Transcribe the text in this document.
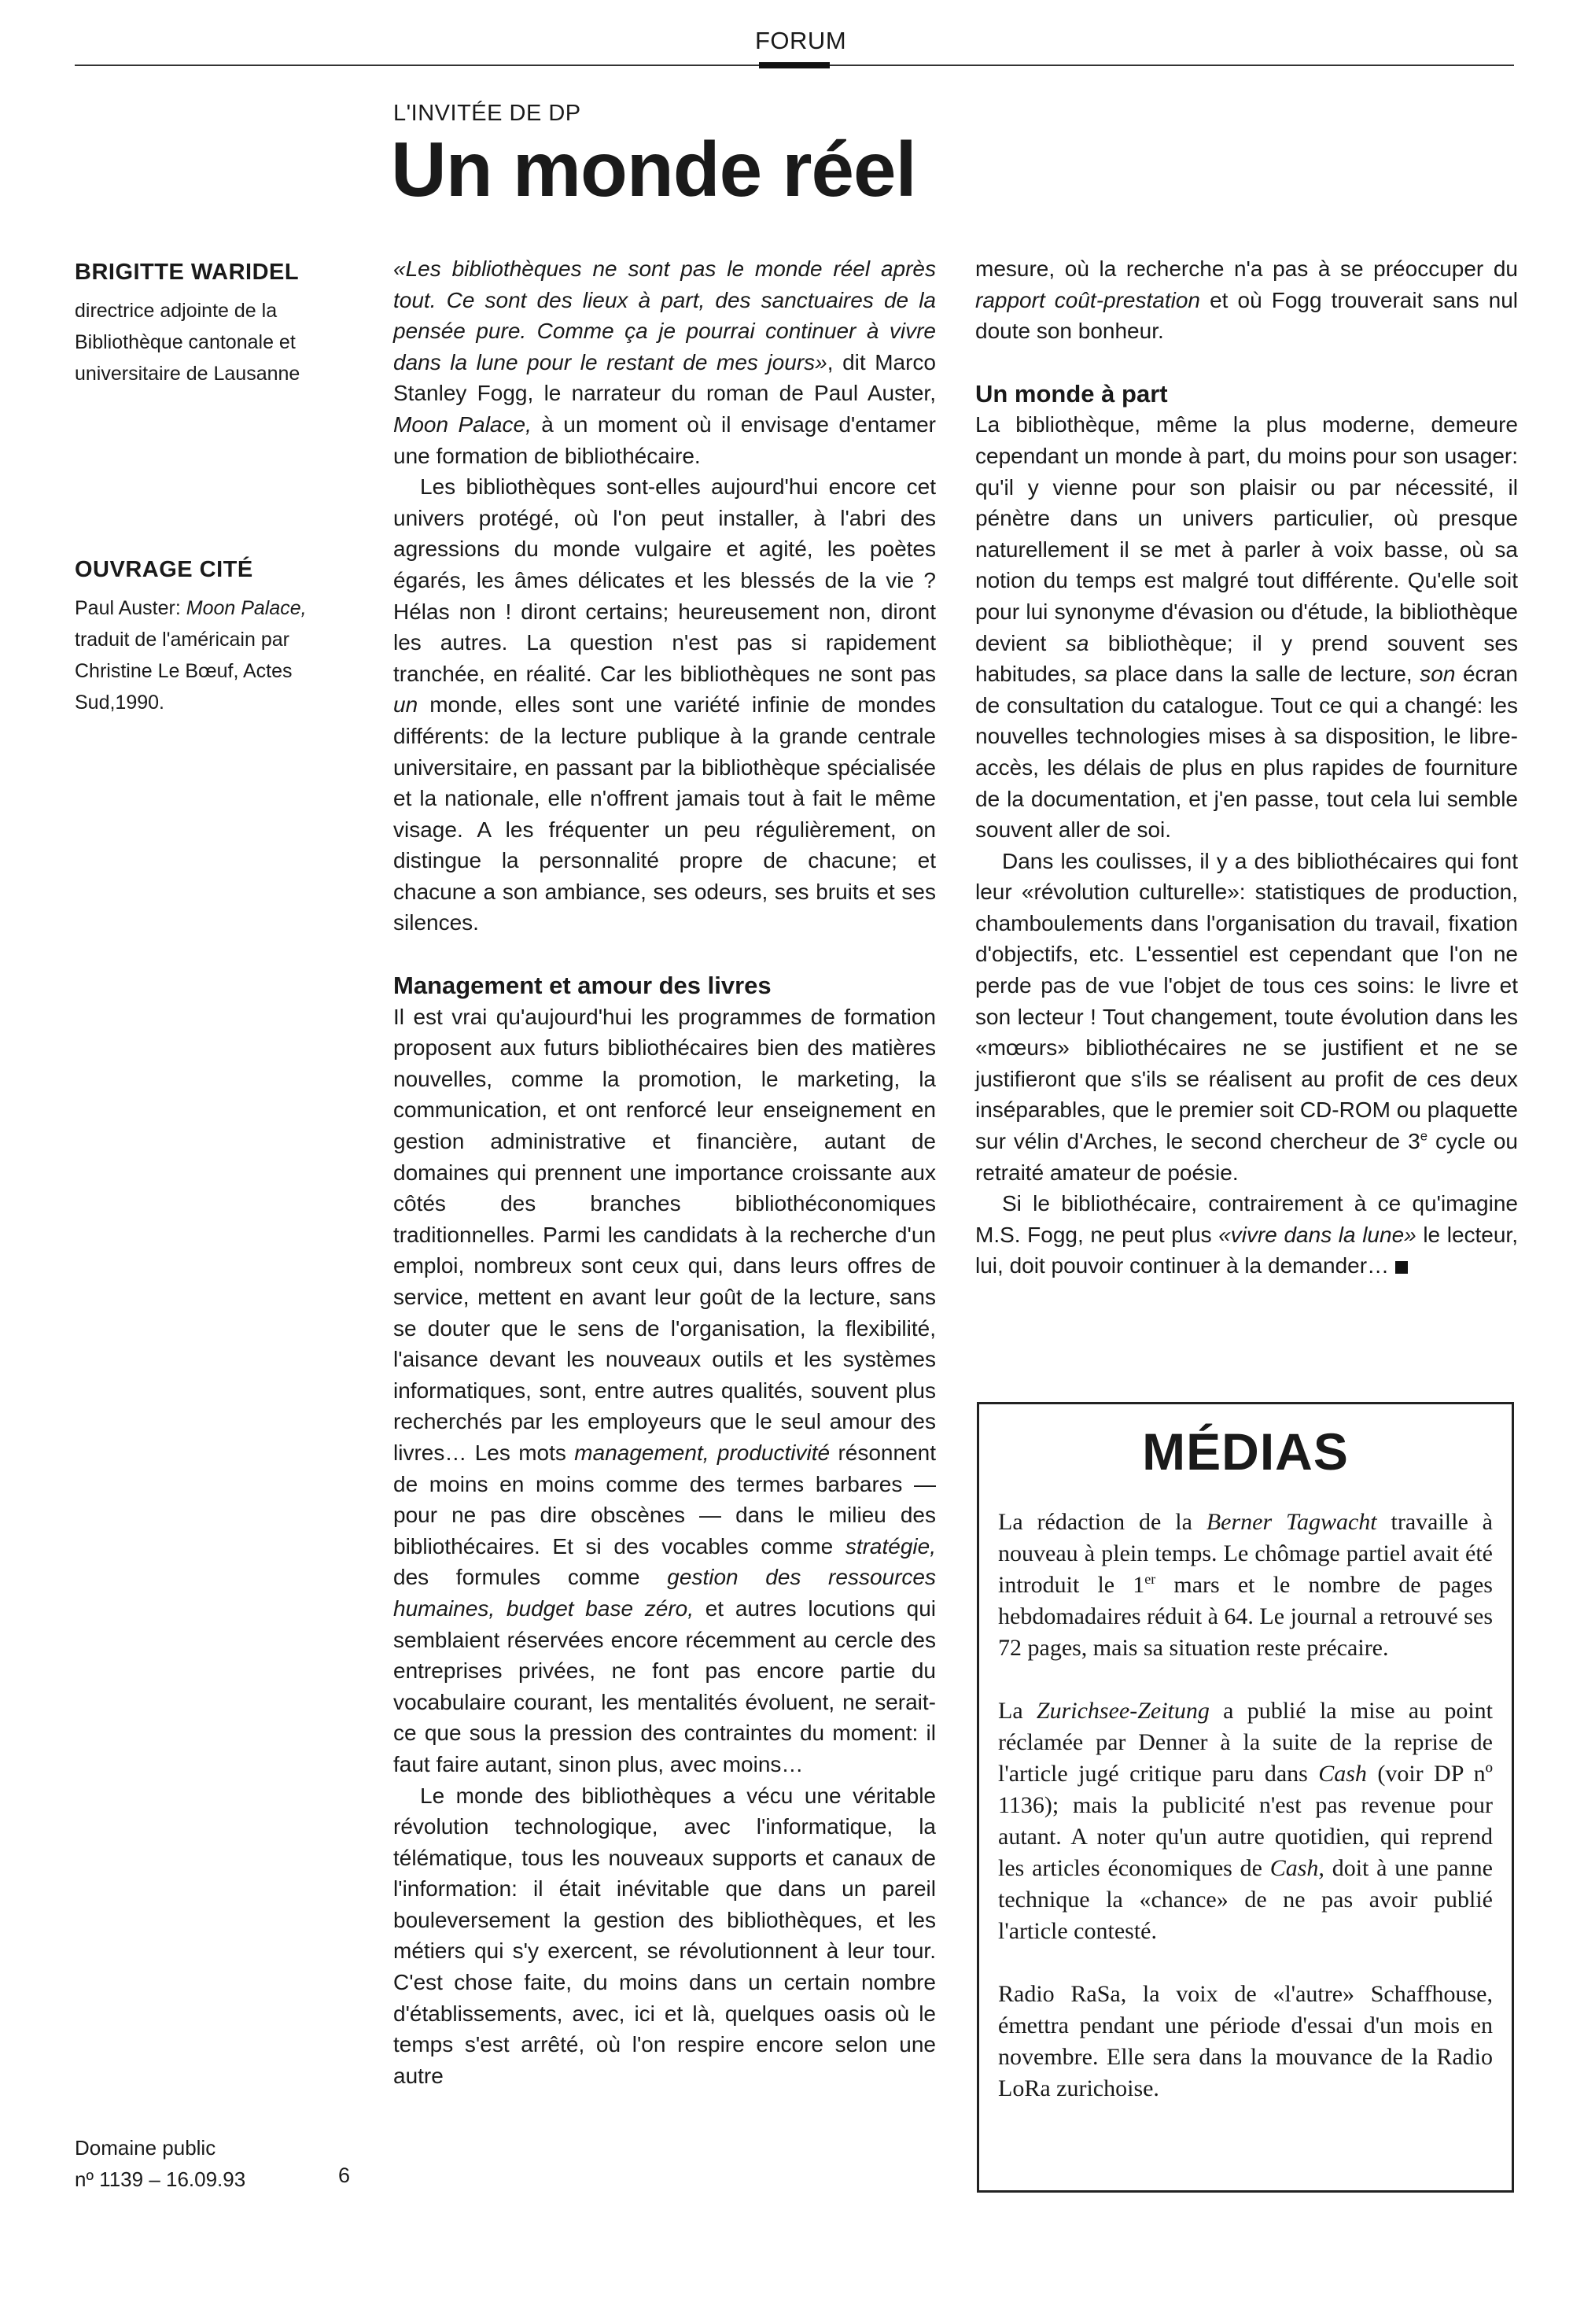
FORUM
L'INVITÉE DE DP
Un monde réel

BRIGITTE WARIDEL

directrice adjointe de la Bibliothèque cantonale et universitaire de Lausanne

OUVRAGE CITÉ

Paul Auster: Moon Palace, traduit de l'américain par Christine Le Bœuf, Actes Sud,1990.

«Les bibliothèques ne sont pas le monde réel après tout. Ce sont des lieux à part, des sanctuaires de la pensée pure. Comme ça je pourrai continuer à vivre dans la lune pour le restant de mes jours», dit Marco Stanley Fogg, le narrateur du roman de Paul Auster, Moon Palace, à un moment où il envisage d'entamer une formation de bibliothécaire.

Les bibliothèques sont-elles aujourd'hui encore cet univers protégé, où l'on peut installer, à l'abri des agressions du monde vulgaire et agité, les poètes égarés, les âmes délicates et les blessés de la vie ? Hélas non ! diront certains; heureusement non, diront les autres. La question n'est pas si rapidement tranchée, en réalité. Car les bibliothèques ne sont pas un monde, elles sont une variété infinie de mondes différents: de la lecture publique à la grande centrale universitaire, en passant par la bibliothèque spécialisée et la nationale, elle n'offrent jamais tout à fait le même visage. A les fréquenter un peu régulièrement, on distingue la personnalité propre de chacune; et chacune a son ambiance, ses odeurs, ses bruits et ses silences.

Management et amour des livres

Il est vrai qu'aujourd'hui les programmes de formation proposent aux futurs bibliothécaires bien des matières nouvelles, comme la promotion, le marketing, la communication, et ont renforcé leur enseignement en gestion administrative et financière, autant de domaines qui prennent une importance croissante aux côtés des branches bibliothéconomiques traditionnelles. Parmi les candidats à la recherche d'un emploi, nombreux sont ceux qui, dans leurs offres de service, mettent en avant leur goût de la lecture, sans se douter que le sens de l'organisation, la flexibilité, l'aisance devant les nouveaux outils et les systèmes informatiques, sont, entre autres qualités, souvent plus recherchés par les employeurs que le seul amour des livres… Les mots management, productivité résonnent de moins en moins comme des termes barbares — pour ne pas dire obscènes — dans le milieu des bibliothécaires. Et si des vocables comme stratégie, des formules comme gestion des ressources humaines, budget base zéro, et autres locutions qui semblaient réservées encore récemment au cercle des entreprises privées, ne font pas encore partie du vocabulaire courant, les mentalités évoluent, ne serait-ce que sous la pression des contraintes du moment: il faut faire autant, sinon plus, avec moins…

Le monde des bibliothèques a vécu une véritable révolution technologique, avec l'informatique, la télématique, tous les nouveaux supports et canaux de l'information: il était inévitable que dans un pareil bouleversement la gestion des bibliothèques, et les métiers qui s'y exercent, se révolutionnent à leur tour. C'est chose faite, du moins dans un certain nombre d'établissements, avec, ici et là, quelques oasis où le temps s'est arrêté, où l'on respire encore selon une autre

mesure, où la recherche n'a pas à se préoccuper du rapport coût-prestation et où Fogg trouverait sans nul doute son bonheur.

Un monde à part

La bibliothèque, même la plus moderne, demeure cependant un monde à part, du moins pour son usager: qu'il y vienne pour son plaisir ou par nécessité, il pénètre dans un univers particulier, où presque naturellement il se met à parler à voix basse, où sa notion du temps est malgré tout différente. Qu'elle soit pour lui synonyme d'évasion ou d'étude, la bibliothèque devient sa bibliothèque; il y prend souvent ses habitudes, sa place dans la salle de lecture, son écran de consultation du catalogue. Tout ce qui a changé: les nouvelles technologies mises à sa disposition, le libre-accès, les délais de plus en plus rapides de fourniture de la documentation, et j'en passe, tout cela lui semble souvent aller de soi.

Dans les coulisses, il y a des bibliothécaires qui font leur «révolution culturelle»: statistiques de production, chamboulements dans l'organisation du travail, fixation d'objectifs, etc. L'essentiel est cependant que l'on ne perde pas de vue l'objet de tous ces soins: le livre et son lecteur ! Tout changement, toute évolution dans les «mœurs» bibliothécaires ne se justifient et ne se justifieront que s'ils se réalisent au profit de ces deux inséparables, que le premier soit CD-ROM ou plaquette sur vélin d'Arches, le second chercheur de 3e cycle ou retraité amateur de poésie.

Si le bibliothécaire, contrairement à ce qu'imagine M.S. Fogg, ne peut plus «vivre dans la lune» le lecteur, lui, doit pouvoir continuer à la demander…

MÉDIAS

La rédaction de la Berner Tagwacht travaille à nouveau à plein temps. Le chômage partiel avait été introduit le 1er mars et le nombre de pages hebdomadaires réduit à 64. Le journal a retrouvé ses 72 pages, mais sa situation reste précaire.

La Zurichsee-Zeitung a publié la mise au point réclamée par Denner à la suite de la reprise de l'article jugé critique paru dans Cash (voir DP nº 1136); mais la publicité n'est pas revenue pour autant. A noter qu'un autre quotidien, qui reprend les articles économiques de Cash, doit à une panne technique la «chance» de ne pas avoir publié l'article contesté.

Radio RaSa, la voix de «l'autre» Schaffhouse, émettra pendant une période d'essai d'un mois en novembre. Elle sera dans la mouvance de la Radio LoRa zurichoise.

Domaine public
nº 1139 – 16.09.93	6
